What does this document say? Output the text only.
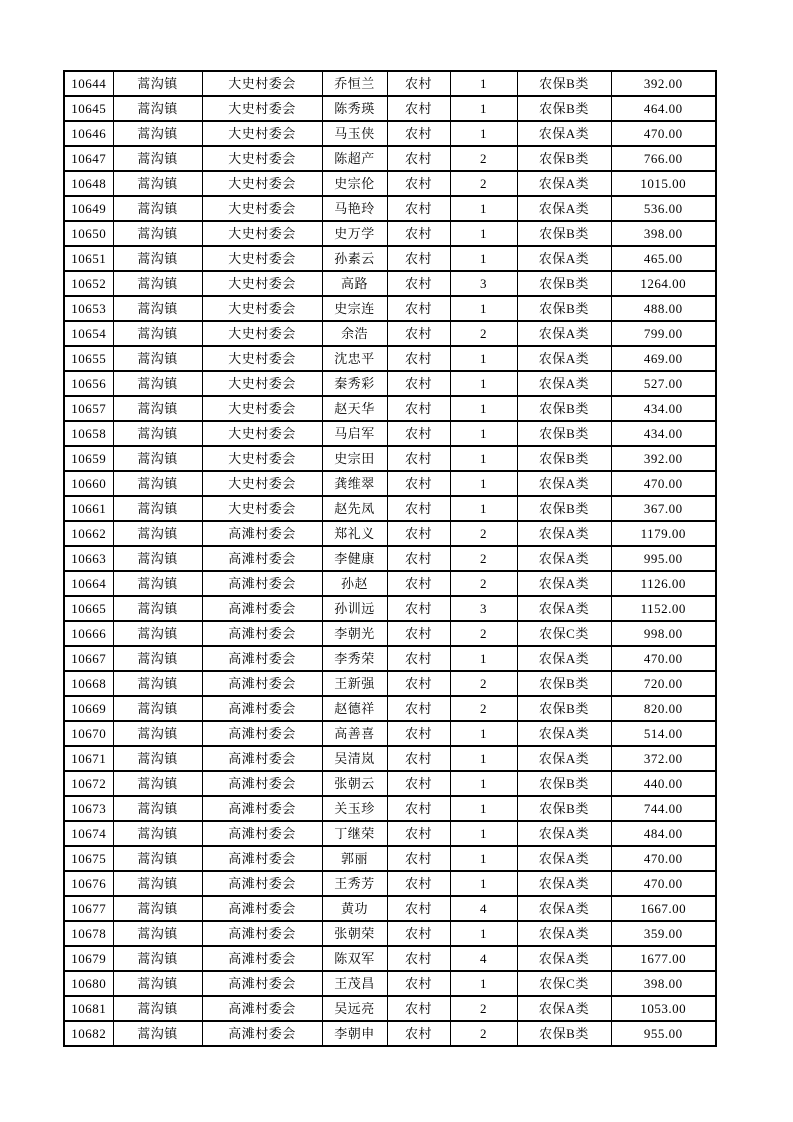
10644	蒿沟镇	大史村委会	乔恒兰	农村	1	农保B类	392.00
10645	蒿沟镇	大史村委会	陈秀瑛	农村	1	农保B类	464.00
10646	蒿沟镇	大史村委会	马玉侠	农村	1	农保A类	470.00
10647	蒿沟镇	大史村委会	陈超产	农村	2	农保B类	766.00
10648	蒿沟镇	大史村委会	史宗伦	农村	2	农保A类	1015.00
10649	蒿沟镇	大史村委会	马艳玲	农村	1	农保A类	536.00
10650	蒿沟镇	大史村委会	史万学	农村	1	农保B类	398.00
10651	蒿沟镇	大史村委会	孙素云	农村	1	农保A类	465.00
10652	蒿沟镇	大史村委会	高路	农村	3	农保B类	1264.00
10653	蒿沟镇	大史村委会	史宗连	农村	1	农保B类	488.00
10654	蒿沟镇	大史村委会	余浩	农村	2	农保A类	799.00
10655	蒿沟镇	大史村委会	沈忠平	农村	1	农保A类	469.00
10656	蒿沟镇	大史村委会	秦秀彩	农村	1	农保A类	527.00
10657	蒿沟镇	大史村委会	赵天华	农村	1	农保B类	434.00
10658	蒿沟镇	大史村委会	马启军	农村	1	农保B类	434.00
10659	蒿沟镇	大史村委会	史宗田	农村	1	农保B类	392.00
10660	蒿沟镇	大史村委会	龚维翠	农村	1	农保A类	470.00
10661	蒿沟镇	大史村委会	赵先凤	农村	1	农保B类	367.00
10662	蒿沟镇	高滩村委会	郑礼义	农村	2	农保A类	1179.00
10663	蒿沟镇	高滩村委会	李健康	农村	2	农保A类	995.00
10664	蒿沟镇	高滩村委会	孙赵	农村	2	农保A类	1126.00
10665	蒿沟镇	高滩村委会	孙训远	农村	3	农保A类	1152.00
10666	蒿沟镇	高滩村委会	李朝光	农村	2	农保C类	998.00
10667	蒿沟镇	高滩村委会	李秀荣	农村	1	农保A类	470.00
10668	蒿沟镇	高滩村委会	王新强	农村	2	农保B类	720.00
10669	蒿沟镇	高滩村委会	赵德祥	农村	2	农保B类	820.00
10670	蒿沟镇	高滩村委会	高善喜	农村	1	农保A类	514.00
10671	蒿沟镇	高滩村委会	吴清岚	农村	1	农保A类	372.00
10672	蒿沟镇	高滩村委会	张朝云	农村	1	农保B类	440.00
10673	蒿沟镇	高滩村委会	关玉珍	农村	1	农保B类	744.00
10674	蒿沟镇	高滩村委会	丁继荣	农村	1	农保A类	484.00
10675	蒿沟镇	高滩村委会	郭丽	农村	1	农保A类	470.00
10676	蒿沟镇	高滩村委会	王秀芳	农村	1	农保A类	470.00
10677	蒿沟镇	高滩村委会	黄功	农村	4	农保A类	1667.00
10678	蒿沟镇	高滩村委会	张朝荣	农村	1	农保A类	359.00
10679	蒿沟镇	高滩村委会	陈双军	农村	4	农保A类	1677.00
10680	蒿沟镇	高滩村委会	王茂昌	农村	1	农保C类	398.00
10681	蒿沟镇	高滩村委会	吴远亮	农村	2	农保A类	1053.00
10682	蒿沟镇	高滩村委会	李朝申	农村	2	农保B类	955.00
